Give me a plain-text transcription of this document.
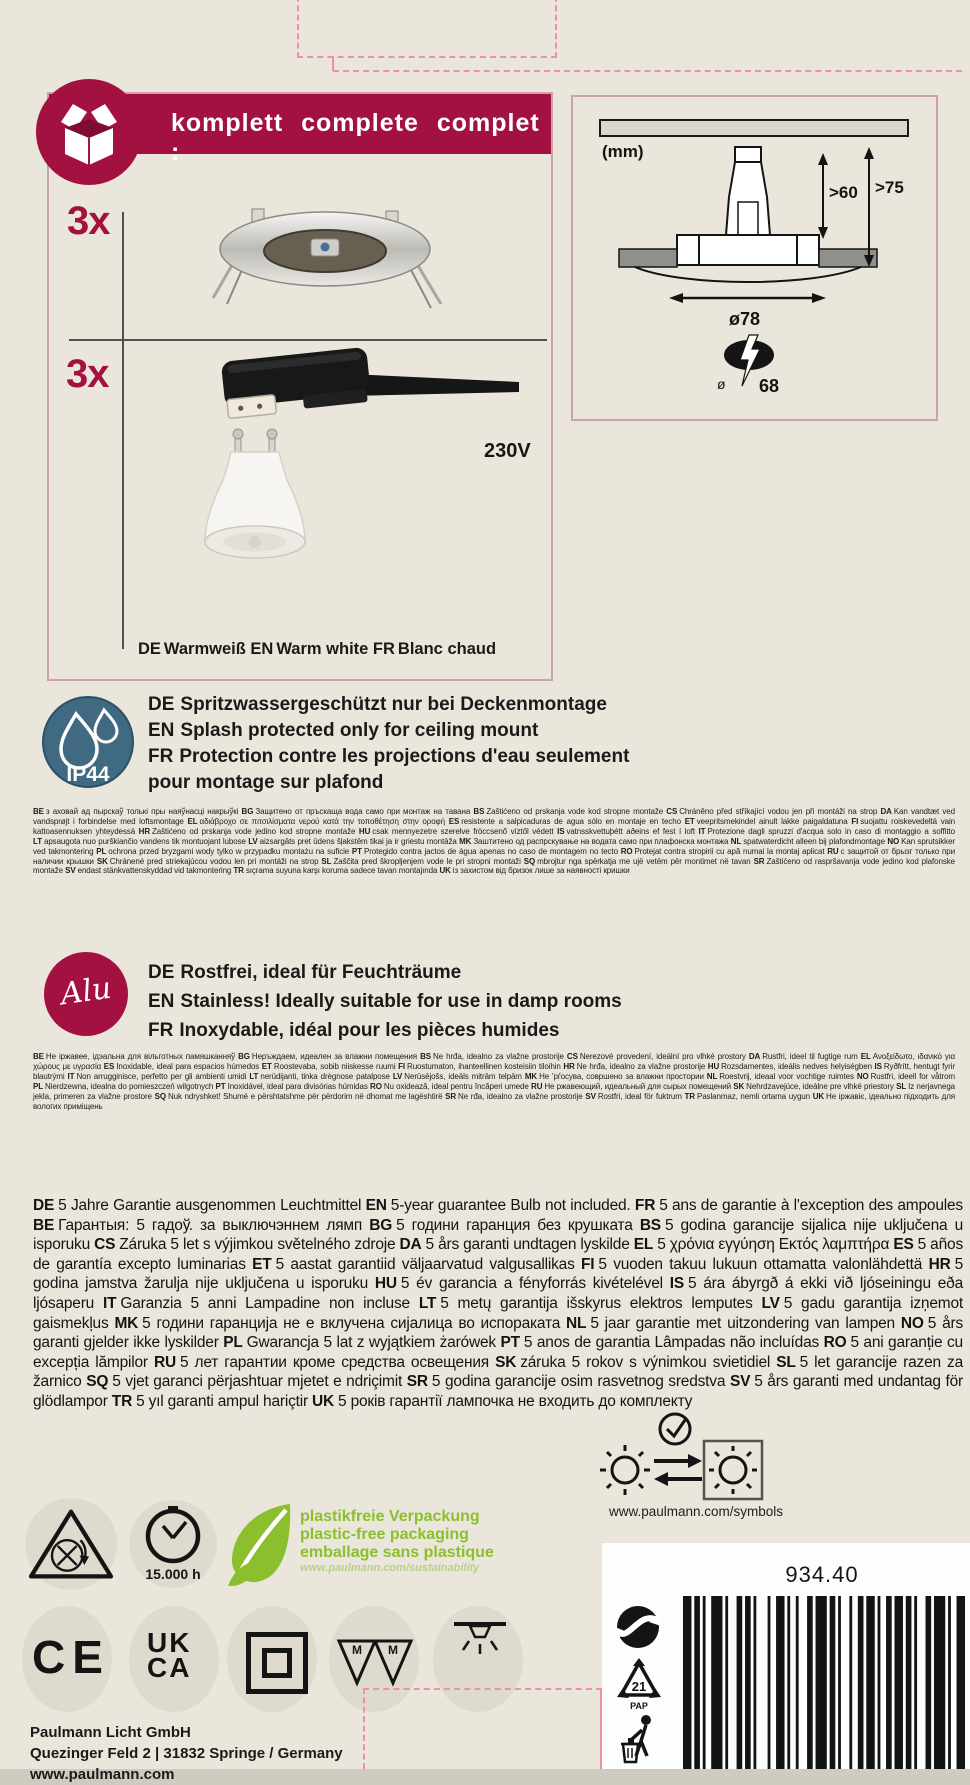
komplett complete complet :
3x
3x
230V
DE Warmweiß EN Warm white FR Blanc chaud
(mm)
>60 >75
ø78
ø 68
IP44
DE Spritzwassergeschützt nur bei Deckenmontage
EN Splash protected only for ceiling mount
FR Protection contre les projections d'eau seulement pour montage sur plafond
BE з аховай ад пырскаў толькі пры наяўнасці накрыўкі BG Защитено от пръскаща вода само при монтаж на тавана BS Zaštićeno od prskanja vode kod stropne montaže CS Chráněno před stříkající vodou jen při montáži na strop DA Kan vandtæt ved vandsprøjt i forbindelse med loftsmontage EL αδιάβροχο σε πιτσιλίσματα νερού κατά την τοποθέτηση στην οροφή ES resistente a salpicaduras de agua sólo en montaje en techo ET veepritsmekindel ainult lakke paigaldatuna FI suojattu roiskevedeltä vain kattoasennuksen yhteydessä HR Zaštićeno od prskanja vode jedino kod stropne montaže HU csak mennyezetre szerelve fröccsenő víztől védett IS vatnsskvettuþétt aðeins ef fest í loft IT Protezione dagli spruzzi d'acqua solo in caso di montaggio a soffitto LT apsaugota nuo purškiančio vandens tik montuojant lubose LV aizsargāts pret ūdens šļakstēm tikai ja ir griestu montāža MK Заштитено од распрскување на водата само при плафонска монтажа NL spatwaterdicht alleen bij plafondmontage NO Kan sprutsikker ved takmontering PL ochrona przed bryzgami wody tylko w przypadku montażu na suficie PT Protegido contra jactos de água apenas no caso de montagem no tecto RO Protejat contra stropirii cu apă numai la montaj aplicat RU с защитой от брызг только при наличии крышки SK Chránené pred striekajúcou vodou len pri montáži na strop SL Zaščita pred škropljenjem vode le pri stropni montaži SQ mbrojtur nga spërkatja me ujë vetëm për montimet në tavan SR Zaštićeno od raspršavanja vode jedino kod plafonske montaže SV endast stänkvattenskyddad vid takmontering TR sıçrama suyuna karşı koruma sadece tavan montajında UK із захистом від бризок лише за наявності кришки
Alu	DE Rostfrei, ideal für Feuchträume
EN Stainless! Ideally suitable for use in damp rooms
FR Inoxydable, idéal pour les pièces humides
BE Не іржавее, ідэальна для вільготных памяшканняў BG Неръждаем, идеален за влажни помещения BS Ne hrđa, idealno za vlažne prostorije CS Nerezové provedení, ideální pro vlhké prostory DA Rustfri, ideel til fugtige rum EL Ανοξείδωτο, ιδανικό για χώρους με υγρασία ES Inoxidable, ideal para espacios húmedos ET Roostevaba, sobib niiskesse ruumi FI Ruostumaton, ihanteellinen kosteisiin tiloihin HR Ne hrđa, idealno za vlažne prostorije HU Rozsdamentes, ideális nedves helyiségben IS Ryðfrítt, hentugt fyrir blautrými IT Non arrugginisce, perfetto per gli ambienti umidi LT nerūdijanti, tinka drėgnose patalpose LV Nerūsējošs, ideāls mitrām telpām MK Не 'рѓосува, совршено за влажни простории NL Roestvrij, ideaal voor vochtige ruimtes NO Rustfri, ideell for våtrom PL Nierdzewna, idealna do pomieszczeń wilgotnych PT Inoxidável, ideal para divisórias húmidas RO Nu oxidează, ideal pentru încăperi umede RU Не ржавеющий, идеальный для сырых помещений SK Nehrdzavejúce, ideálne pre vlhké priestory SL Iz nerjavnega jekla, primeren za vlažne prostore SQ Nuk ndryshket! Shumë e përshtatshme për përdorim në dhomat me lagështirë SR Ne rđa, idealno za vlažne prostorije SV Rostfri, ideal för fuktrum TR Paslanmaz, nemli ortama uygun UK Не іржавіє, ідеально підходить для вологих приміщень
DE 5 Jahre Garantie ausgenommen Leuchtmittel EN 5-year guarantee Bulb not included. FR 5 ans de garantie à l'exception des ampoules BE Гарантыя: 5 гадоў. за выключэннем лямп BG 5 години гаранция без крушката BS 5 godina garancije sijalica nije uključena u isporuku CS Záruka 5 let s výjimkou světelného zdroje DA 5 års garanti undtagen lyskilde EL 5 χρόνια εγγύηση Εκτός λαμπτήρα ES 5 años de garantía excepto luminarias ET 5 aastat garantiid väljaarvatud valgusallikas FI 5 vuoden takuu lukuun ottamatta valonlähdettä HR 5 godina jamstva žarulja nije uključena u isporuku HU 5 év garancia a fényforrás kivételével IS 5 ára ábyrgð á ekki við ljóseiningu eða ljósaperu IT Garanzia 5 anni Lampadine non incluse LT 5 metų garantija išskyrus elektros lemputes LV 5 gadu garantija izņemot gaismekļus MK 5 години гаранција не е вклучена сијалица во испораката NL 5 jaar garantie met uitzondering van lampen NO 5 års garanti gjelder ikke lyskilder PL Gwarancja 5 lat z wyjątkiem żarówek PT 5 anos de garantia Lâmpadas não incluídas RO 5 ani garanție cu excepția lămpilor RU 5 лет гарантии кроме средства освещения SK záruka 5 rokov s výnimkou svietidiel SL 5 let garancije razen za žarnico SQ 5 vjet garanci përjashtuar mjetet e ndriçimit SR 5 godina garancije osim rasvetnog sredstva SV 5 års garanti med undantag för glödlampor TR 5 yıl garanti ampul hariçtir UK 5 років гарантії лампочка не входить до комплекту
www.paulmann.com/symbols
15.000 h
plastikfreie Verpackung
plastic-free packaging
emballage sans plastique
www.paulmann.com/sustainability
CE UK
CA
M M
934.40
21
PAP
Paulmann Licht GmbH
Quezinger Feld 2 | 31832 Springe / Germany
www.paulmann.com
